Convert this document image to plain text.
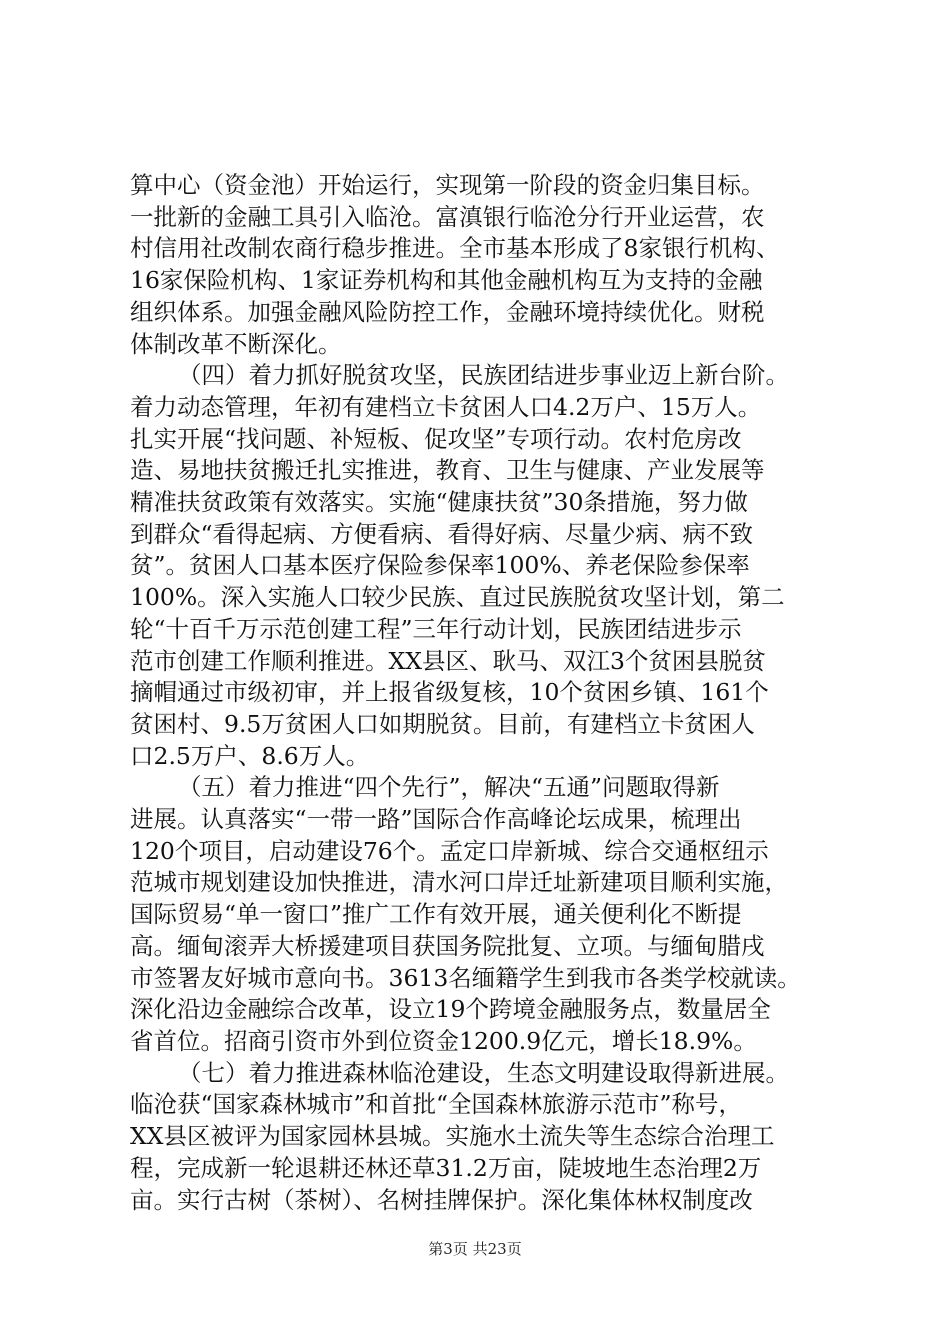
算中心（资金池）开始运行，实现第一阶段的资金归集目标。
一批新的金融工具引入临沧。富滇银行临沧分行开业运营，农
村信用社改制农商行稳步推进。全市基本形成了8家银行机构、
16家保险机构、1家证券机构和其他金融机构互为支持的金融
组织体系。加强金融风险防控工作，金融环境持续优化。财税
体制改革不断深化。
（四）着力抓好脱贫攻坚，民族团结进步事业迈上新台阶。
着力动态管理，年初有建档立卡贫困人口4.2万户、15万人。
扎实开展“找问题、补短板、促攻坚”专项行动。农村危房改
造、易地扶贫搬迁扎实推进，教育、卫生与健康、产业发展等
精准扶贫政策有效落实。实施“健康扶贫”30条措施，努力做
到群众“看得起病、方便看病、看得好病、尽量少病、病不致
贫”。贫困人口基本医疗保险参保率100%、养老保险参保率
100%。深入实施人口较少民族、直过民族脱贫攻坚计划，第二
轮“十百千万示范创建工程”三年行动计划，民族团结进步示
范市创建工作顺利推进。XX县区、耿马、双江3个贫困县脱贫
摘帽通过市级初审，并上报省级复核，10个贫困乡镇、161个
贫困村、9.5万贫困人口如期脱贫。目前，有建档立卡贫困人
口2.5万户、8.6万人。
（五）着力推进“四个先行”，解决“五通”问题取得新
进展。认真落实“一带一路”国际合作高峰论坛成果，梳理出
120个项目，启动建设76个。孟定口岸新城、综合交通枢纽示
范城市规划建设加快推进，清水河口岸迁址新建项目顺利实施，
国际贸易“单一窗口”推广工作有效开展，通关便利化不断提
高。缅甸滚弄大桥援建项目获国务院批复、立项。与缅甸腊戌
市签署友好城市意向书。3613名缅籍学生到我市各类学校就读。
深化沿边金融综合改革，设立19个跨境金融服务点，数量居全
省首位。招商引资市外到位资金1200.9亿元，增长18.9%。
（七）着力推进森林临沧建设，生态文明建设取得新进展。
临沧获“国家森林城市”和首批“全国森林旅游示范市”称号，
XX县区被评为国家园林县城。实施水土流失等生态综合治理工
程，完成新一轮退耕还林还草31.2万亩，陡坡地生态治理2万
亩。实行古树（茶树）、名树挂牌保护。深化集体林权制度改
第3页 共23页
